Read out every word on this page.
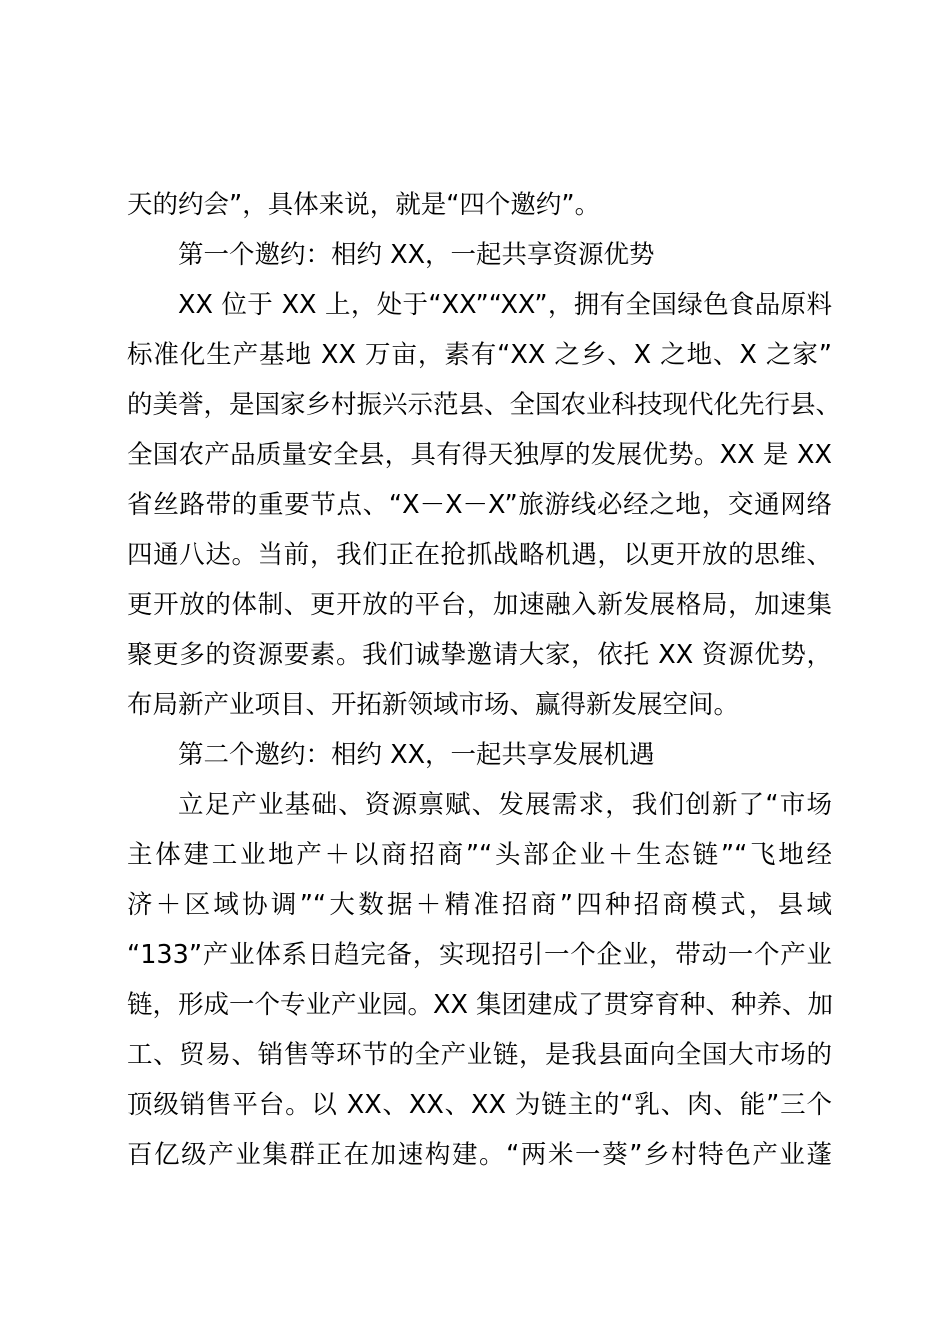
天的约会”，具体来说，就是“四个邀约”。
第一个邀约：相约 XX，一起共享资源优势
XX 位于 XX 上，处于“XX”“XX”，拥有全国绿色食品原料
标准化生产基地 XX 万亩，素有“XX 之乡、X 之地、X 之家”
的美誉，是国家乡村振兴示范县、全国农业科技现代化先行县、
全国农产品质量安全县，具有得天独厚的发展优势。XX 是 XX
省丝路带的重要节点、“X－X－X”旅游线必经之地，交通网络
四通八达。当前，我们正在抢抓战略机遇，以更开放的思维、
更开放的体制、更开放的平台，加速融入新发展格局，加速集
聚更多的资源要素。我们诚挚邀请大家，依托 XX 资源优势，
布局新产业项目、开拓新领域市场、赢得新发展空间。
第二个邀约：相约 XX，一起共享发展机遇
立足产业基础、资源禀赋、发展需求，我们创新了“市场
主体建工业地产＋以商招商”“头部企业＋生态链”“飞地经
济＋区域协调”“大数据＋精准招商”四种招商模式，县域
“133”产业体系日趋完备，实现招引一个企业，带动一个产业
链，形成一个专业产业园。XX 集团建成了贯穿育种、种养、加
工、贸易、销售等环节的全产业链，是我县面向全国大市场的
顶级销售平台。以 XX、XX、XX 为链主的“乳、肉、能”三个
百亿级产业集群正在加速构建。“两米一葵”乡村特色产业蓬
